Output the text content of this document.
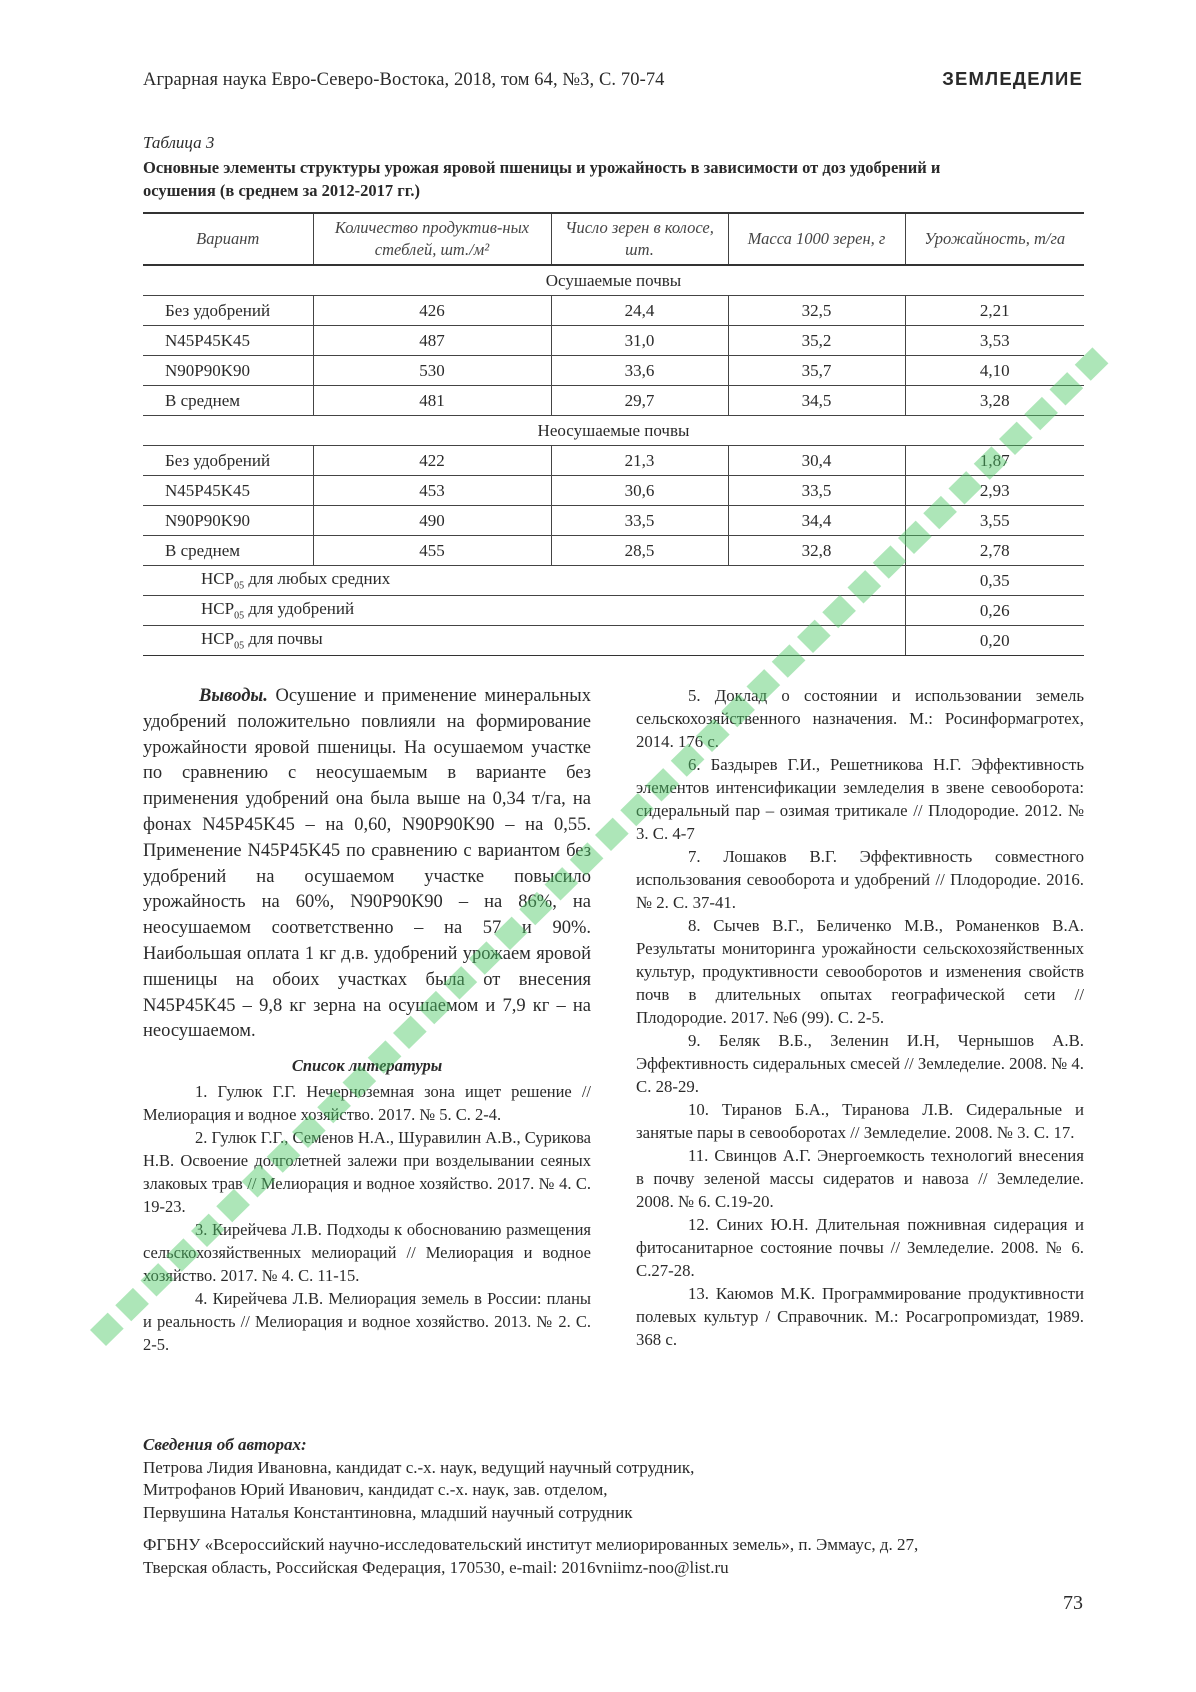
Аграрная наука Евро-Северо-Востока, 2018, том 64, №3, С. 70-74	ЗЕМЛЕДЕЛИЕ
Таблица 3
Основные элементы структуры урожая яровой пшеницы и урожайность в зависимости от доз удобрений и осушения (в среднем за 2012-2017 гг.)
Вариант	Количество продуктив-ных стеблей, шт./м²	Число зерен в колосе, шт.	Масса 1000 зерен, г	Урожайность, т/га
Осушаемые почвы				
Без удобрений	426	24,4	32,5	2,21
N45P45K45	487	31,0	35,2	3,53
N90P90K90	530	33,6	35,7	4,10
В среднем	481	29,7	34,5	3,28
Неосушаемые почвы				
Без удобрений	422	21,3	30,4	1,87
N45P45K45	453	30,6	33,5	2,93
N90P90K90	490	33,5	34,4	3,55
В среднем	455	28,5	32,8	2,78
$НСР_{05}$ для любых средних				0,35
$НСР_{05}$ для удобрений				0,26
$НСР_{05}$ для почвы				0,20

Выводы. Осушение и применение минеральных удобрений положительно повлияли на формирование урожайности яровой пшеницы. На осушаемом участке по сравнению с неосушаемым в варианте без применения удобрений она была выше на 0,34 т/га, на фонах N45P45K45 – на 0,60, N90P90K90 – на 0,55. Применение N45P45K45 по сравнению с вариантом без удобрений на осушаемом участке повысило урожайность на 60%, N90P90K90 – на 86%, на неосушаемом соответственно – на 57 и 90%. Наибольшая оплата 1 кг д.в. удобрений урожаем яровой пшеницы на обоих участках была от внесения N45P45K45 – 9,8 кг зерна на осушаемом и 7,9 кг – на неосушаемом.

Список литературы

1. Гулюк Г.Г. Нечерноземная зона ищет решение // Мелиорация и водное хозяйство. 2017. № 5. С. 2-4.

2. Гулюк Г.Г., Семенов Н.А., Шуравилин А.В., Сурикова Н.В. Освоение долголетней залежи при возделывании сеяных злаковых трав // Мелиорация и водное хозяйство. 2017. № 4. С. 19-23.

3. Кирейчева Л.В. Подходы к обоснованию размещения сельскохозяйственных мелиораций // Мелиорация и водное хозяйство. 2017. № 4. С. 11-15.

4. Кирейчева Л.В. Мелиорация земель в России: планы и реальность // Мелиорация и водное хозяйство. 2013. № 2. С. 2-5.

5. Доклад о состоянии и использовании земель сельскохозяйственного назначения. М.: Росинформагротех, 2014. 176 с.

6. Баздырев Г.И., Решетникова Н.Г. Эффективность элементов интенсификации земледелия в звене севооборота: сидеральный пар – озимая тритикале // Плодородие. 2012. № 3. С. 4-7

7. Лошаков В.Г. Эффективность совместного использования севооборота и удобрений // Плодородие. 2016. № 2. С. 37-41.

8. Сычев В.Г., Беличенко М.В., Романенков В.А. Результаты мониторинга урожайности сельскохозяйственных культур, продуктивности севооборотов и изменения свойств почв в длительных опытах географической сети // Плодородие. 2017. №6 (99). С. 2-5.

9. Беляк В.Б., Зеленин И.Н, Чернышов А.В. Эффективность сидеральных смесей // Земледелие. 2008. № 4. С. 28-29.

10. Тиранов Б.А., Тиранова Л.В. Сидеральные и занятые пары в севооборотах // Земледелие. 2008. № 3. С. 17.

11. Свинцов А.Г. Энергоемкость технологий внесения в почву зеленой массы сидератов и навоза // Земледелие. 2008. № 6. С.19-20.

12. Синих Ю.Н. Длительная пожнивная сидерация и фитосанитарное состояние почвы // Земледелие. 2008. № 6. С.27-28.

13. Каюмов М.К. Программирование продуктивности полевых культур / Справочник. М.: Росагропромиздат, 1989. 368 с.

Сведения об авторах:

Петрова Лидия Ивановна, кандидат с.-х. наук, ведущий научный сотрудник,

Митрофанов Юрий Иванович, кандидат с.-х. наук, зав. отделом,

Первушина Наталья Константиновна, младший научный сотрудник

ФГБНУ «Всероссийский научно-исследовательский институт мелиорированных земель», п. Эммаус, д. 27,

Тверская область, Российская Федерация, 170530, e-mail: 2016vniimz-noo@list.ru

73
